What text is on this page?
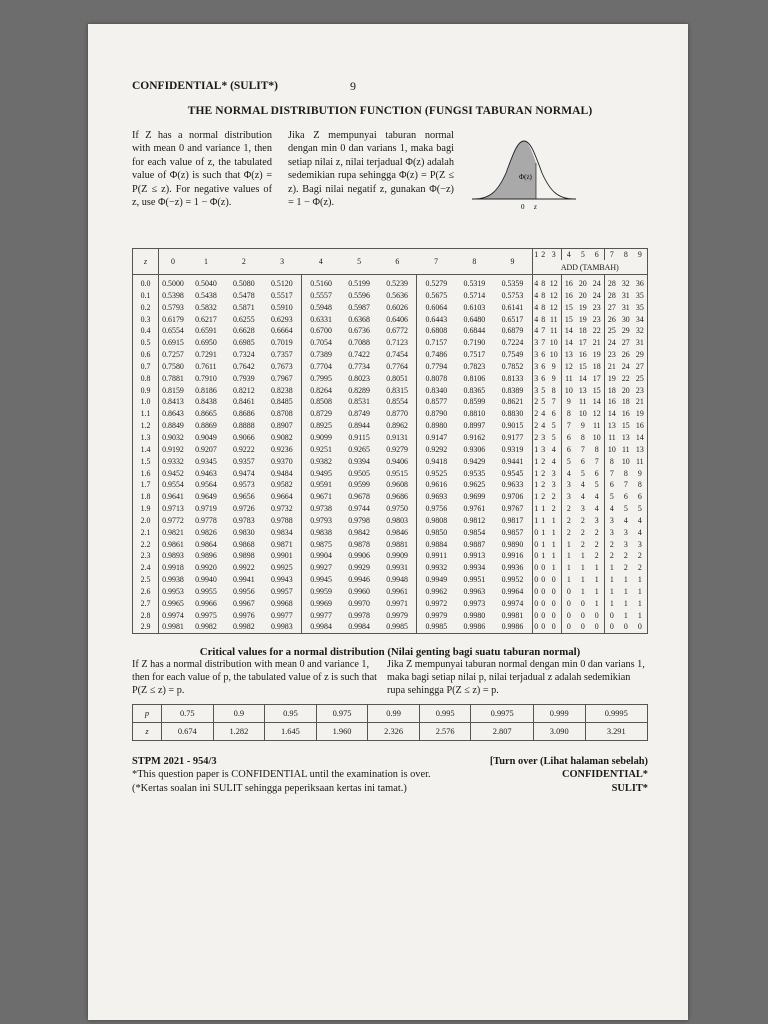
CONFIDENTIAL* (SULIT*)	9
THE NORMAL DISTRIBUTION FUNCTION (FUNGSI TABURAN NORMAL)
If Z has a normal distribution with mean 0 and variance 1, then for each value of z, the tabulated value of Φ(z) is such that Φ(z) = P(Z ≤ z). For negative values of z, use Φ(−z) = 1 − Φ(z).
Jika Z mempunyai taburan normal dengan min 0 dan varians 1, maka bagi setiap nilai z, nilai terjadual Φ(z) adalah sedemikian rupa sehingga Φ(z) = P(Z ≤ z). Bagi nilai negatif z, gunakan Φ(−z) = 1 − Φ(z).
Φ(z)
0 z
z	0	1	2	3	4	5	6	7	8	9	1	2	3	4	5	6	7	8	9
											ADD (TAMBAH)								
0.0	0.5000	0.5040	0.5080	0.5120	0.5160	0.5199	0.5239	0.5279	0.5319	0.5359	4	8	12	16	20	24	28	32	36
0.1	0.5398	0.5438	0.5478	0.5517	0.5557	0.5596	0.5636	0.5675	0.5714	0.5753	4	8	12	16	20	24	28	31	35
0.2	0.5793	0.5832	0.5871	0.5910	0.5948	0.5987	0.6026	0.6064	0.6103	0.6141	4	8	12	15	19	23	27	31	35
0.3	0.6179	0.6217	0.6255	0.6293	0.6331	0.6368	0.6406	0.6443	0.6480	0.6517	4	8	11	15	19	23	26	30	34
0.4	0.6554	0.6591	0.6628	0.6664	0.6700	0.6736	0.6772	0.6808	0.6844	0.6879	4	7	11	14	18	22	25	29	32
0.5	0.6915	0.6950	0.6985	0.7019	0.7054	0.7088	0.7123	0.7157	0.7190	0.7224	3	7	10	14	17	21	24	27	31
0.6	0.7257	0.7291	0.7324	0.7357	0.7389	0.7422	0.7454	0.7486	0.7517	0.7549	3	6	10	13	16	19	23	26	29
0.7	0.7580	0.7611	0.7642	0.7673	0.7704	0.7734	0.7764	0.7794	0.7823	0.7852	3	6	9	12	15	18	21	24	27
0.8	0.7881	0.7910	0.7939	0.7967	0.7995	0.8023	0.8051	0.8078	0.8106	0.8133	3	6	9	11	14	17	19	22	25
0.9	0.8159	0.8186	0.8212	0.8238	0.8264	0.8289	0.8315	0.8340	0.8365	0.8389	3	5	8	10	13	15	18	20	23
1.0	0.8413	0.8438	0.8461	0.8485	0.8508	0.8531	0.8554	0.8577	0.8599	0.8621	2	5	7	9	11	14	16	18	21
1.1	0.8643	0.8665	0.8686	0.8708	0.8729	0.8749	0.8770	0.8790	0.8810	0.8830	2	4	6	8	10	12	14	16	19
1.2	0.8849	0.8869	0.8888	0.8907	0.8925	0.8944	0.8962	0.8980	0.8997	0.9015	2	4	5	7	9	11	13	15	16
1.3	0.9032	0.9049	0.9066	0.9082	0.9099	0.9115	0.9131	0.9147	0.9162	0.9177	2	3	5	6	8	10	11	13	14
1.4	0.9192	0.9207	0.9222	0.9236	0.9251	0.9265	0.9279	0.9292	0.9306	0.9319	1	3	4	6	7	8	10	11	13
1.5	0.9332	0.9345	0.9357	0.9370	0.9382	0.9394	0.9406	0.9418	0.9429	0.9441	1	2	4	5	6	7	8	10	11
1.6	0.9452	0.9463	0.9474	0.9484	0.9495	0.9505	0.9515	0.9525	0.9535	0.9545	1	2	3	4	5	6	7	8	9
1.7	0.9554	0.9564	0.9573	0.9582	0.9591	0.9599	0.9608	0.9616	0.9625	0.9633	1	2	3	3	4	5	6	7	8
1.8	0.9641	0.9649	0.9656	0.9664	0.9671	0.9678	0.9686	0.9693	0.9699	0.9706	1	2	2	3	4	4	5	6	6
1.9	0.9713	0.9719	0.9726	0.9732	0.9738	0.9744	0.9750	0.9756	0.9761	0.9767	1	1	2	2	3	4	4	5	5
2.0	0.9772	0.9778	0.9783	0.9788	0.9793	0.9798	0.9803	0.9808	0.9812	0.9817	1	1	1	2	2	3	3	4	4
2.1	0.9821	0.9826	0.9830	0.9834	0.9838	0.9842	0.9846	0.9850	0.9854	0.9857	0	1	1	2	2	2	3	3	4
2.2	0.9861	0.9864	0.9868	0.9871	0.9875	0.9878	0.9881	0.9884	0.9887	0.9890	0	1	1	1	2	2	2	3	3
2.3	0.9893	0.9896	0.9898	0.9901	0.9904	0.9906	0.9909	0.9911	0.9913	0.9916	0	1	1	1	1	2	2	2	2
2.4	0.9918	0.9920	0.9922	0.9925	0.9927	0.9929	0.9931	0.9932	0.9934	0.9936	0	0	1	1	1	1	1	2	2
2.5	0.9938	0.9940	0.9941	0.9943	0.9945	0.9946	0.9948	0.9949	0.9951	0.9952	0	0	0	1	1	1	1	1	1
2.6	0.9953	0.9955	0.9956	0.9957	0.9959	0.9960	0.9961	0.9962	0.9963	0.9964	0	0	0	0	1	1	1	1	1
2.7	0.9965	0.9966	0.9967	0.9968	0.9969	0.9970	0.9971	0.9972	0.9973	0.9974	0	0	0	0	0	1	1	1	1
2.8	0.9974	0.9975	0.9976	0.9977	0.9977	0.9978	0.9979	0.9979	0.9980	0.9981	0	0	0	0	0	0	0	1	1
2.9	0.9981	0.9982	0.9982	0.9983	0.9984	0.9984	0.9985	0.9985	0.9986	0.9986	0	0	0	0	0	0	0	0	0
Critical values for a normal distribution (Nilai genting bagi suatu taburan normal)
If Z has a normal distribution with mean 0 and variance 1, then for each value of p, the tabulated value of z is such that P(Z ≤ z) = p.
Jika Z mempunyai taburan normal dengan min 0 dan varians 1, maka bagi setiap nilai p, nilai terjadual z adalah sedemikian rupa sehingga P(Z ≤ z) = p.
p	0.75	0.9	0.95	0.975	0.99	0.995	0.9975	0.999	0.9995
z	0.674	1.282	1.645	1.960	2.326	2.576	2.807	3.090	3.291
STPM 2021 - 954/3	[Turn over (Lihat halaman sebelah)
*This question paper is CONFIDENTIAL until the examination is over.	CONFIDENTIAL*
(*Kertas soalan ini SULIT sehingga peperiksaan kertas ini tamat.)	SULIT*
